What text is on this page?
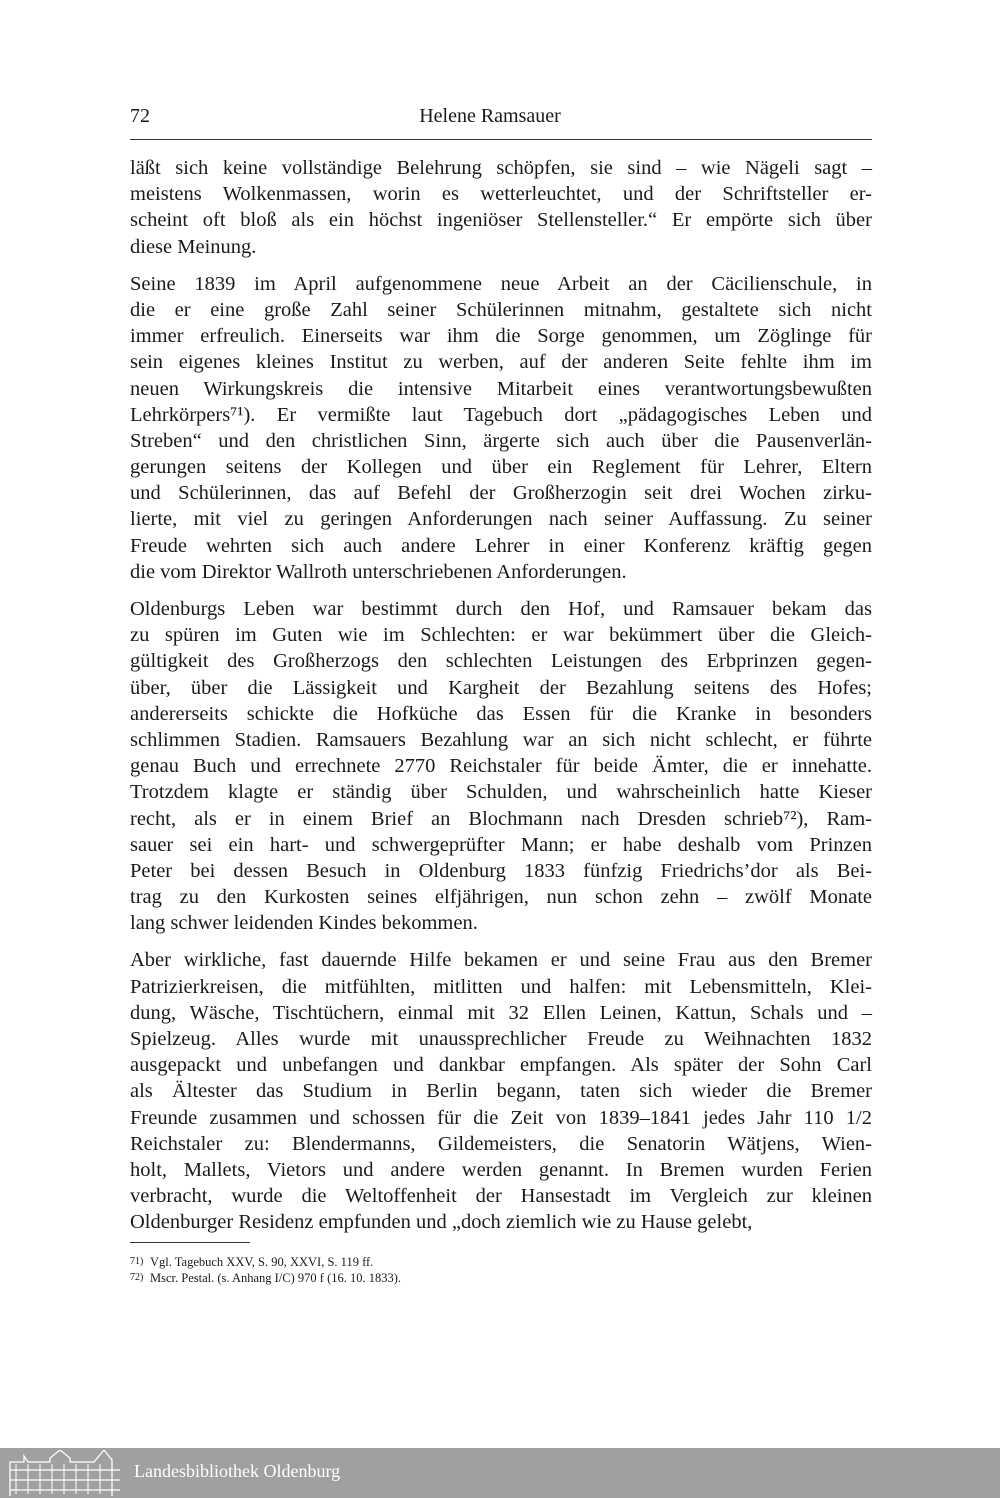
72	Helene Ramsauer
läßt sich keine vollständige Belehrung schöpfen, sie sind – wie Nägeli sagt –
meistens Wolkenmassen, worin es wetterleuchtet, und der Schriftsteller er-
scheint oft bloß als ein höchst ingeniöser Stellensteller.“ Er empörte sich über
diese Meinung.
Seine 1839 im April aufgenommene neue Arbeit an der Cäcilienschule, in
die er eine große Zahl seiner Schülerinnen mitnahm, gestaltete sich nicht
immer erfreulich. Einerseits war ihm die Sorge genommen, um Zöglinge für
sein eigenes kleines Institut zu werben, auf der anderen Seite fehlte ihm im
neuen Wirkungskreis die intensive Mitarbeit eines verantwortungsbewußten
Lehrkörpers⁷¹). Er vermißte laut Tagebuch dort „pädagogisches Leben und
Streben“ und den christlichen Sinn, ärgerte sich auch über die Pausenverlän-
gerungen seitens der Kollegen und über ein Reglement für Lehrer, Eltern
und Schülerinnen, das auf Befehl der Großherzogin seit drei Wochen zirku-
lierte, mit viel zu geringen Anforderungen nach seiner Auffassung. Zu seiner
Freude wehrten sich auch andere Lehrer in einer Konferenz kräftig gegen
die vom Direktor Wallroth unterschriebenen Anforderungen.
Oldenburgs Leben war bestimmt durch den Hof, und Ramsauer bekam das
zu spüren im Guten wie im Schlechten: er war bekümmert über die Gleich-
gültigkeit des Großherzogs den schlechten Leistungen des Erbprinzen gegen-
über, über die Lässigkeit und Kargheit der Bezahlung seitens des Hofes;
andererseits schickte die Hofküche das Essen für die Kranke in besonders
schlimmen Stadien. Ramsauers Bezahlung war an sich nicht schlecht, er führte
genau Buch und errechnete 2770 Reichstaler für beide Ämter, die er innehatte.
Trotzdem klagte er ständig über Schulden, und wahrscheinlich hatte Kieser
recht, als er in einem Brief an Blochmann nach Dresden schrieb⁷²), Ram-
sauer sei ein hart- und schwergeprüfter Mann; er habe deshalb vom Prinzen
Peter bei dessen Besuch in Oldenburg 1833 fünfzig Friedrichs’dor als Bei-
trag zu den Kurkosten seines elfjährigen, nun schon zehn – zwölf Monate
lang schwer leidenden Kindes bekommen.
Aber wirkliche, fast dauernde Hilfe bekamen er und seine Frau aus den Bremer
Patrizierkreisen, die mitfühlten, mitlitten und halfen: mit Lebensmitteln, Klei-
dung, Wäsche, Tischtüchern, einmal mit 32 Ellen Leinen, Kattun, Schals und –
Spielzeug. Alles wurde mit unaussprechlicher Freude zu Weihnachten 1832
ausgepackt und unbefangen und dankbar empfangen. Als später der Sohn Carl
als Ältester das Studium in Berlin begann, taten sich wieder die Bremer
Freunde zusammen und schossen für die Zeit von 1839–1841 jedes Jahr 110 1/2
Reichstaler zu: Blendermanns, Gildemeisters, die Senatorin Wätjens, Wien-
holt, Mallets, Vietors und andere werden genannt. In Bremen wurden Ferien
verbracht, wurde die Weltoffenheit der Hansestadt im Vergleich zur kleinen
Oldenburger Residenz empfunden und „doch ziemlich wie zu Hause gelebt,
71) Vgl. Tagebuch XXV, S. 90, XXVI, S. 119 ff.
72) Mscr. Pestal. (s. Anhang I/C) 970 f (16. 10. 1833).
Landesbibliothek Oldenburg
